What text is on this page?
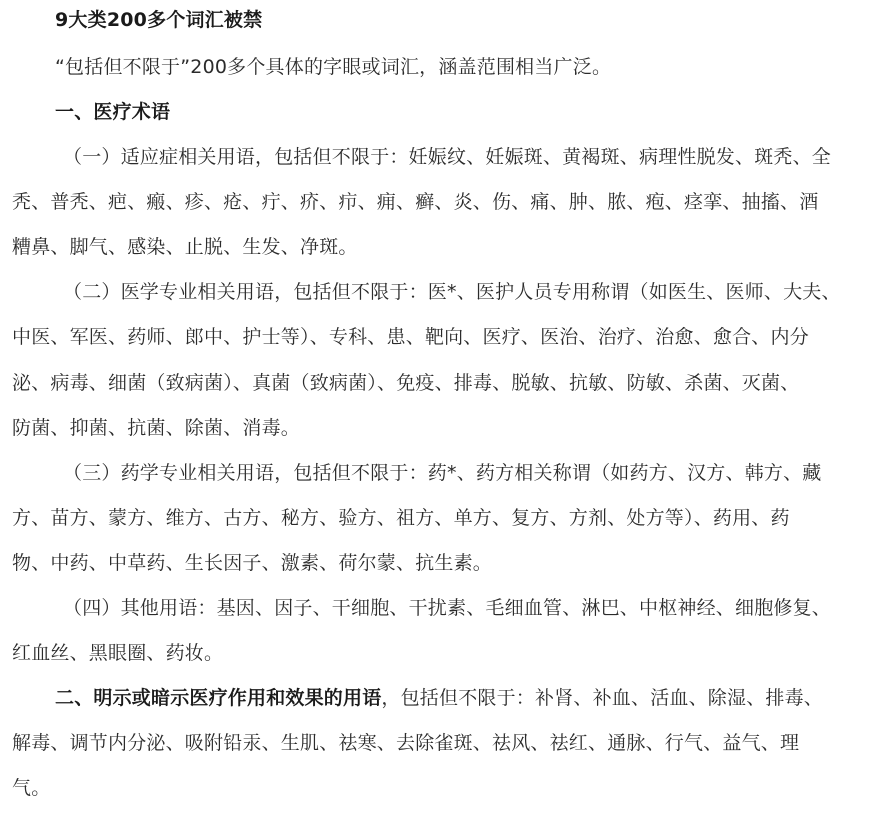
9大类200多个词汇被禁
“包括但不限于”200多个具体的字眼或词汇，涵盖范围相当广泛。
一、医疗术语
（一）适应症相关用语，包括但不限于：妊娠纹、妊娠斑、黄褐斑、病理性脱发、斑秃、全
秃、普秃、疤、瘢、疹、疮、疔、疥、疖、痈、癣、炎、伤、痛、肿、脓、疱、痉挛、抽搐、酒
糟鼻、脚气、感染、止脱、生发、净斑。
（二）医学专业相关用语，包括但不限于：医*、医护人员专用称谓（如医生、医师、大夫、
中医、军医、药师、郎中、护士等）、专科、患、靶向、医疗、医治、治疗、治愈、愈合、内分
泌、病毒、细菌（致病菌）、真菌（致病菌）、免疫、排毒、脱敏、抗敏、防敏、杀菌、灭菌、
防菌、抑菌、抗菌、除菌、消毒。
（三）药学专业相关用语，包括但不限于：药*、药方相关称谓（如药方、汉方、韩方、藏
方、苗方、蒙方、维方、古方、秘方、验方、祖方、单方、复方、方剂、处方等）、药用、药
物、中药、中草药、生长因子、激素、荷尔蒙、抗生素。
（四）其他用语：基因、因子、干细胞、干扰素、毛细血管、淋巴、中枢神经、细胞修复、
红血丝、黑眼圈、药妆。
二、明示或暗示医疗作用和效果的用语，包括但不限于：补肾、补血、活血、除湿、排毒、
解毒、调节内分泌、吸附铅汞、生肌、祛寒、去除雀斑、祛风、祛红、通脉、行气、益气、理
气。
